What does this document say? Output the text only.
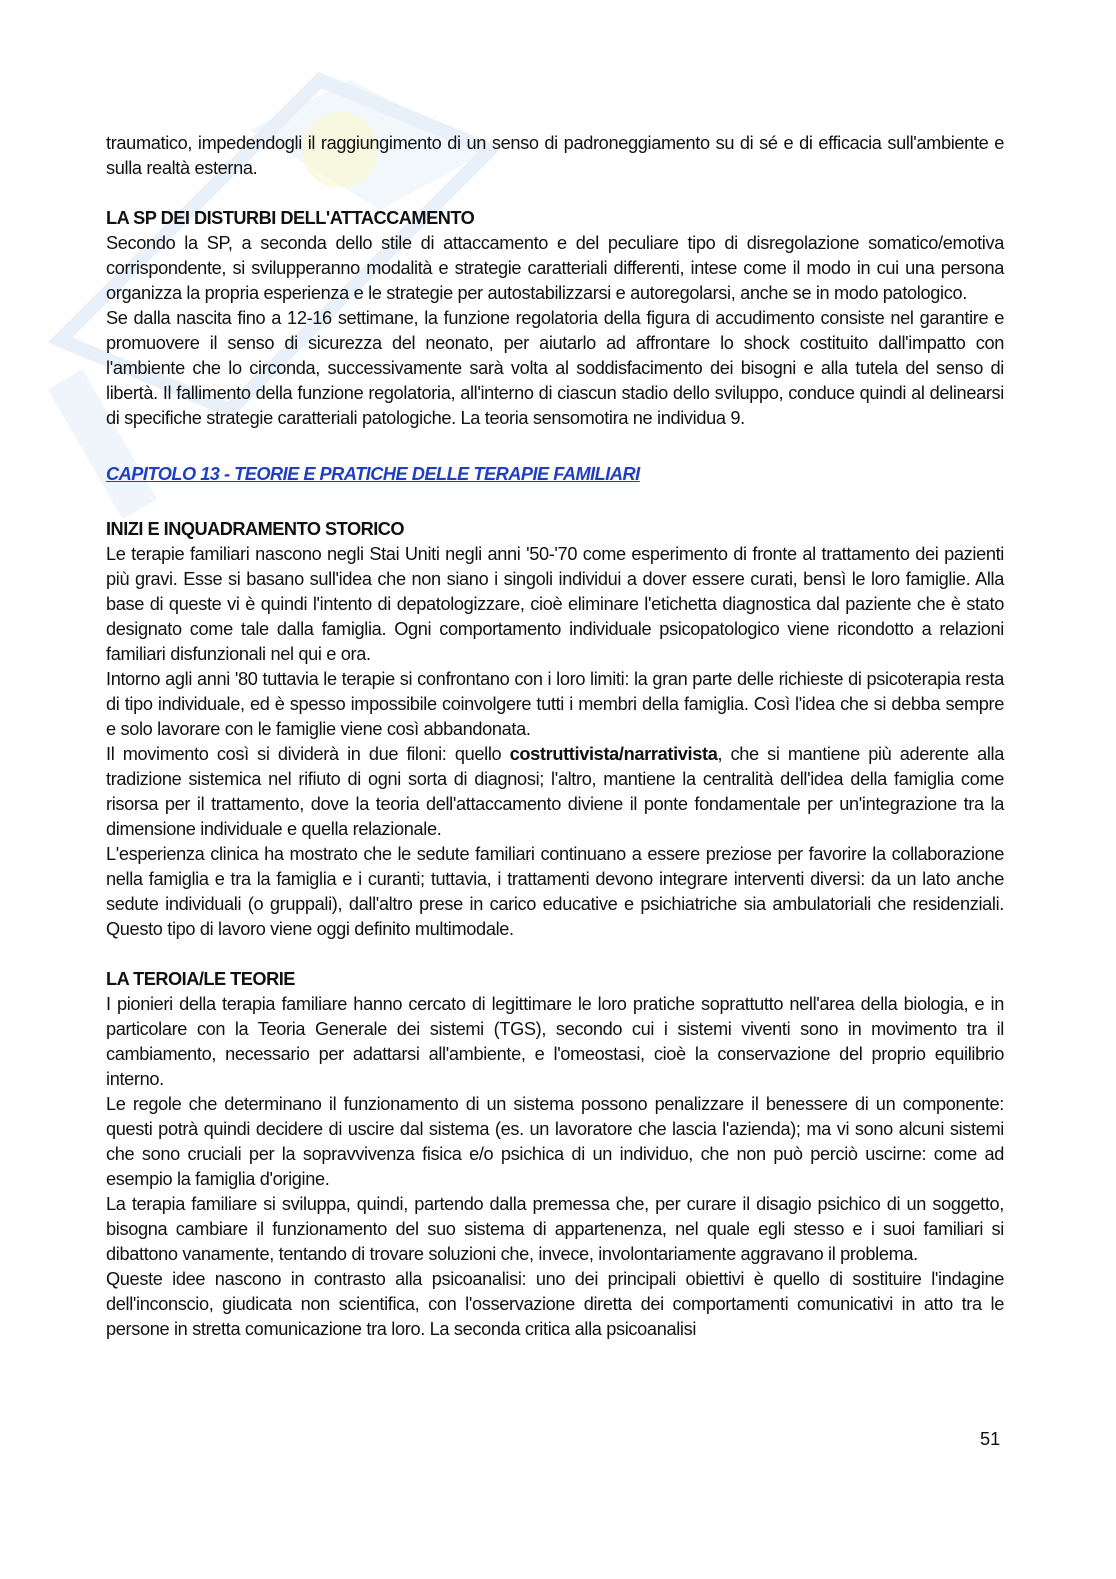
traumatico, impedendogli il raggiungimento di un senso di padroneggiamento su di sé e di efficacia sull'ambiente e sulla realtà esterna.

LA SP DEI DISTURBI DELL'ATTACCAMENTO

Secondo la SP, a seconda dello stile di attaccamento e del peculiare tipo di disregolazione somatico/emotiva corrispondente, si svilupperanno modalità e strategie caratteriali differenti, intese come il modo in cui una persona organizza la propria esperienza e le strategie per autostabilizzarsi e autoregolarsi, anche se in modo patologico.

Se dalla nascita fino a 12-16 settimane, la funzione regolatoria della figura di accudimento consiste nel garantire e promuovere il senso di sicurezza del neonato, per aiutarlo ad affrontare lo shock costituito dall'impatto con l'ambiente che lo circonda, successivamente sarà volta al soddisfacimento dei bisogni e alla tutela del senso di libertà. Il fallimento della funzione regolatoria, all'interno di ciascun stadio dello sviluppo, conduce quindi al delinearsi di specifiche strategie caratteriali patologiche. La teoria sensomotira ne individua 9.

CAPITOLO 13 - TEORIE E PRATICHE DELLE TERAPIE FAMILIARI
INIZI E INQUADRAMENTO STORICO

Le terapie familiari nascono negli Stai Uniti negli anni '50-'70 come esperimento di fronte al trattamento dei pazienti più gravi. Esse si basano sull'idea che non siano i singoli individui a dover essere curati, bensì le loro famiglie. Alla base di queste vi è quindi l'intento di depatologizzare, cioè eliminare l'etichetta diagnostica dal paziente che è stato designato come tale dalla famiglia. Ogni comportamento individuale psicopatologico viene ricondotto a relazioni familiari disfunzionali nel qui e ora.

Intorno agli anni '80 tuttavia le terapie si confrontano con i loro limiti: la gran parte delle richieste di psicoterapia resta di tipo individuale, ed è spesso impossibile coinvolgere tutti i membri della famiglia. Così l'idea che si debba sempre e solo lavorare con le famiglie viene così abbandonata.

Il movimento così si dividerà in due filoni: quello costruttivista/narrativista, che si mantiene più aderente alla tradizione sistemica nel rifiuto di ogni sorta di diagnosi; l'altro, mantiene la centralità dell'idea della famiglia come risorsa per il trattamento, dove la teoria dell'attaccamento diviene il ponte fondamentale per un'integrazione tra la dimensione individuale e quella relazionale.

L'esperienza clinica ha mostrato che le sedute familiari continuano a essere preziose per favorire la collaborazione nella famiglia e tra la famiglia e i curanti; tuttavia, i trattamenti devono integrare interventi diversi: da un lato anche sedute individuali (o gruppali), dall'altro prese in carico educative e psichiatriche sia ambulatoriali che residenziali. Questo tipo di lavoro viene oggi definito multimodale.

LA TEROIA/LE TEORIE

I pionieri della terapia familiare hanno cercato di legittimare le loro pratiche soprattutto nell'area della biologia, e in particolare con la Teoria Generale dei sistemi (TGS), secondo cui i sistemi viventi sono in movimento tra il cambiamento, necessario per adattarsi all'ambiente, e l'omeostasi, cioè la conservazione del proprio equilibrio interno.

Le regole che determinano il funzionamento di un sistema possono penalizzare il benessere di un componente: questi potrà quindi decidere di uscire dal sistema (es. un lavoratore che lascia l'azienda); ma vi sono alcuni sistemi che sono cruciali per la sopravvivenza fisica e/o psichica di un individuo, che non può perciò uscirne: come ad esempio la famiglia d'origine.

La terapia familiare si sviluppa, quindi, partendo dalla premessa che, per curare il disagio psichico di un soggetto, bisogna cambiare il funzionamento del suo sistema di appartenenza, nel quale egli stesso e i suoi familiari si dibattono vanamente, tentando di trovare soluzioni che, invece, involontariamente aggravano il problema.

Queste idee nascono in contrasto alla psicoanalisi: uno dei principali obiettivi è quello di sostituire l'indagine dell'inconscio, giudicata non scientifica, con l'osservazione diretta dei comportamenti comunicativi in atto tra le persone in stretta comunicazione tra loro. La seconda critica alla psicoanalisi

51
